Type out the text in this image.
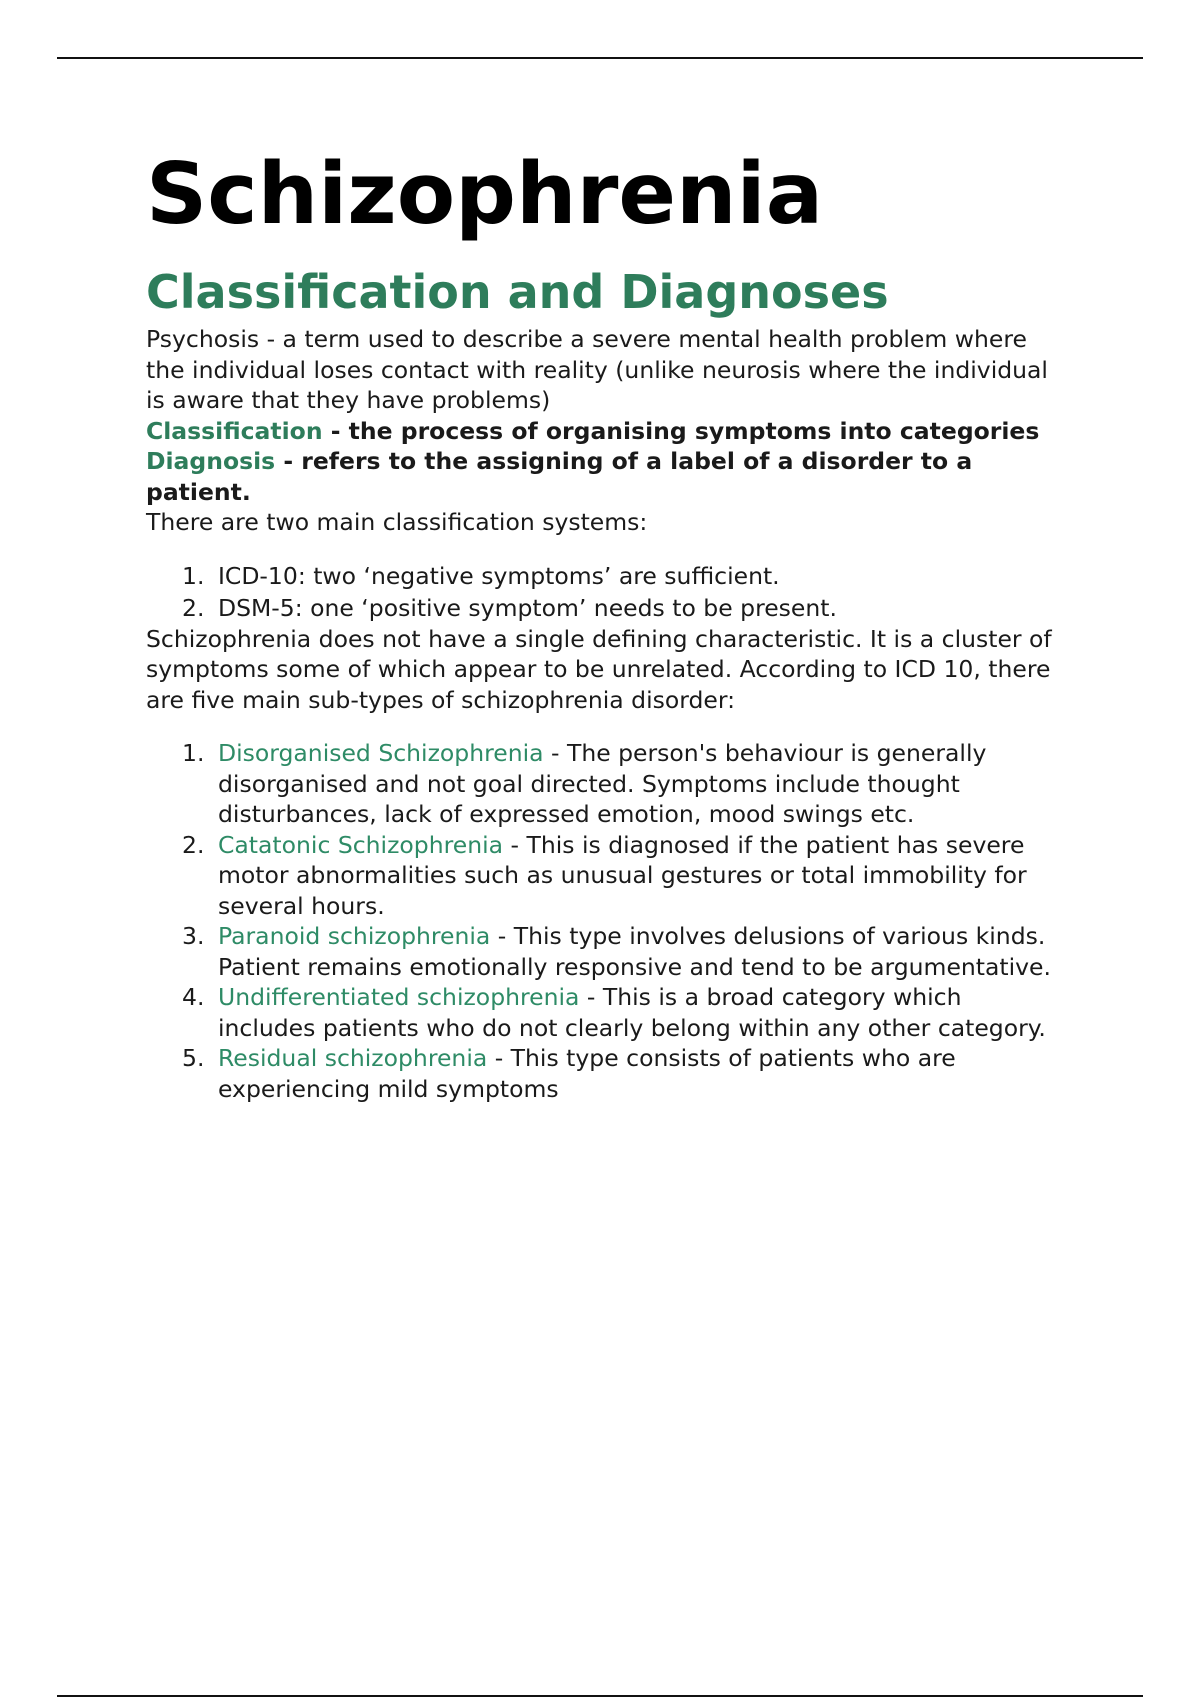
Schizophrenia
Classification and Diagnoses

Psychosis - a term used to describe a severe mental health problem where the individual loses contact with reality (unlike neurosis where the individual is aware that they have problems)

Classification - the process of organising symptoms into categories

Diagnosis - refers to the assigning of a label of a disorder to a patient.

There are two main classification systems:

1. ICD-10: two ‘negative symptoms’ are sufficient.
2. DSM-5: one ‘positive symptom’ needs to be present.

Schizophrenia does not have a single defining characteristic. It is a cluster of symptoms some of which appear to be unrelated. According to ICD 10, there are five main sub-types of schizophrenia disorder:

1. Disorganised Schizophrenia - The person's behaviour is generally disorganised and not goal directed. Symptoms include thought disturbances, lack of expressed emotion, mood swings etc.
2. Catatonic Schizophrenia - This is diagnosed if the patient has severe motor abnormalities such as unusual gestures or total immobility for several hours.
3. Paranoid schizophrenia - This type involves delusions of various kinds. Patient remains emotionally responsive and tend to be argumentative.
4. Undifferentiated schizophrenia - This is a broad category which includes patients who do not clearly belong within any other category.
5. Residual schizophrenia - This type consists of patients who are experiencing mild symptoms
